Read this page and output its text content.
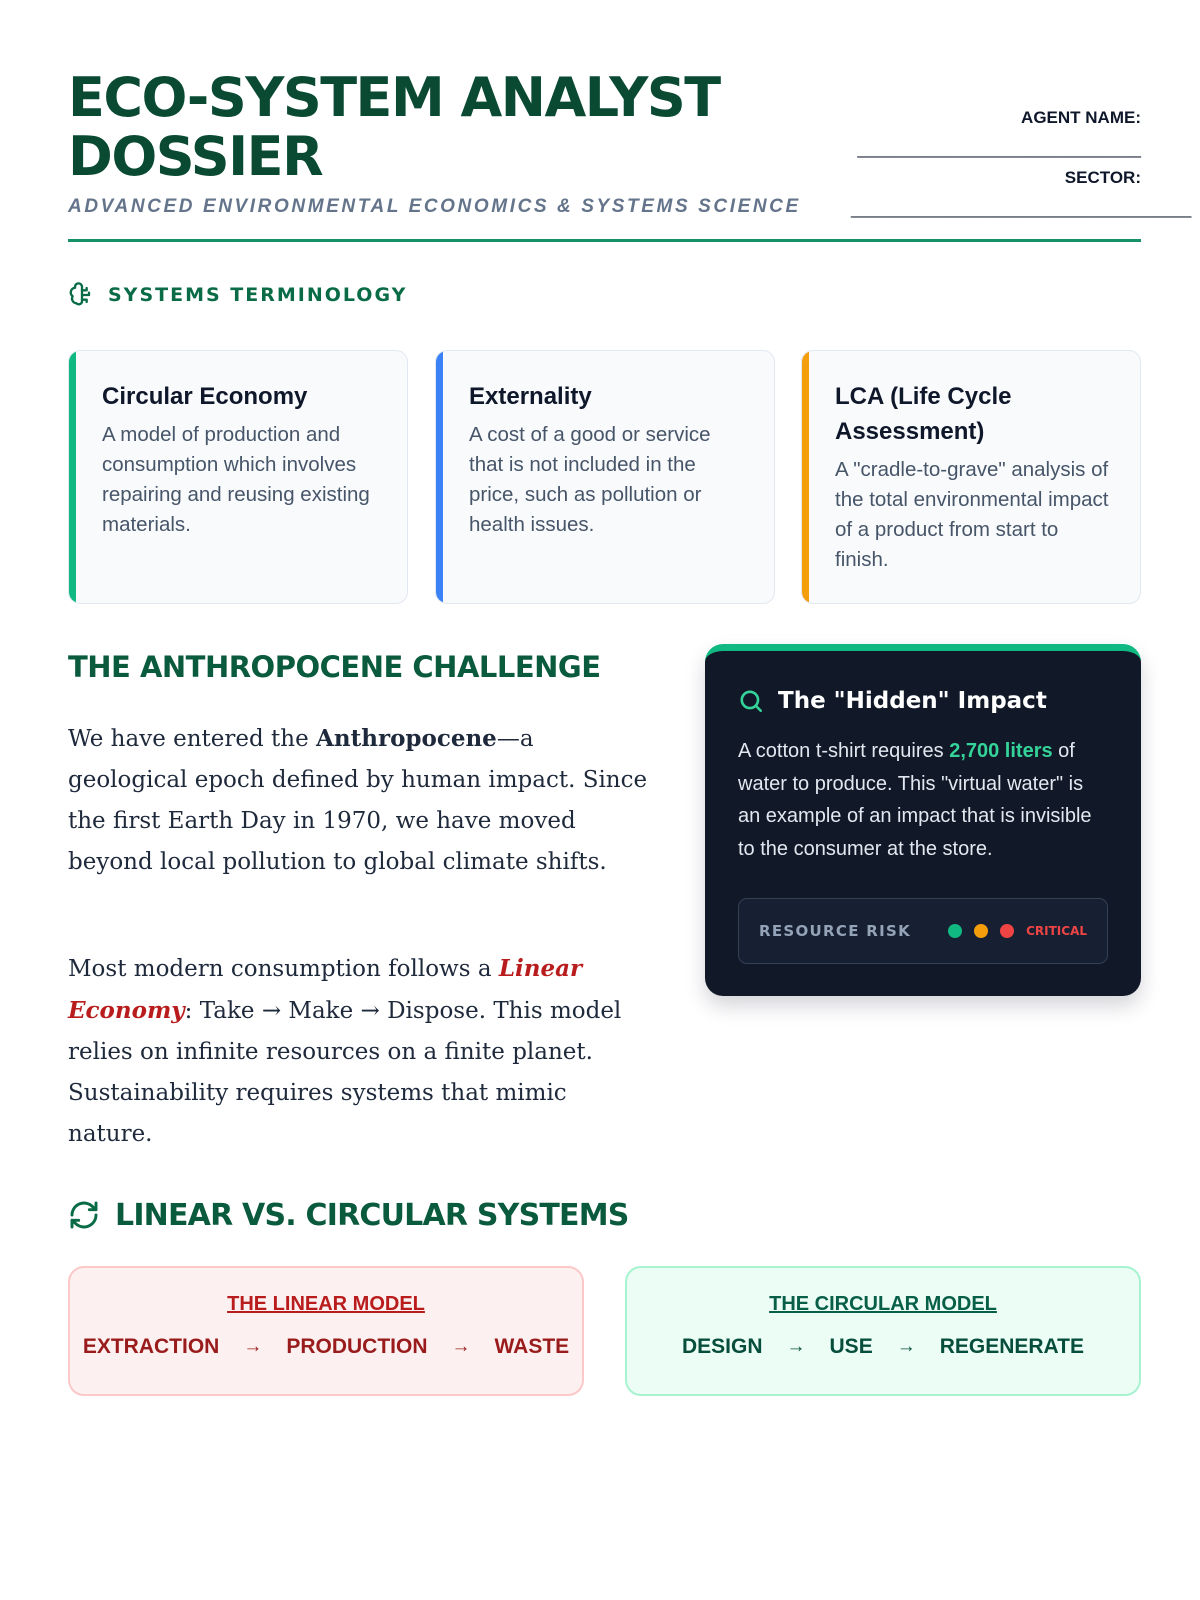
ECO-SYSTEM ANALYST DOSSIER
ADVANCED ENVIRONMENTAL ECONOMICS & SYSTEMS SCIENCE
AGENT NAME:
______________________________
SECTOR:
____________________________________
SYSTEMS TERMINOLOGY
Circular Economy
A model of production and consumption which involves repairing and reusing existing materials.
Externality
A cost of a good or service that is not included in the price, such as pollution or health issues.
LCA (Life Cycle Assessment)
A "cradle-to-grave" analysis of the total environmental impact of a product from start to finish.
THE ANTHROPOCENE CHALLENGE

We have entered the Anthropocene—a geological epoch defined by human impact. Since the first Earth Day in 1970, we have moved beyond local pollution to global climate shifts.

Most modern consumption follows a Linear Economy: Take → Make → Dispose. This model relies on infinite resources on a finite planet. Sustainability requires systems that mimic nature.

The "Hidden" Impact

A cotton t-shirt requires 2,700 liters of water to produce. This "virtual water" is an example of an impact that is invisible to the consumer at the store.

RESOURCE RISK	CRITICAL
LINEAR VS. CIRCULAR SYSTEMS
THE LINEAR MODEL
EXTRACTION → PRODUCTION → WASTE
THE CIRCULAR MODEL
DESIGN → USE → REGENERATE
